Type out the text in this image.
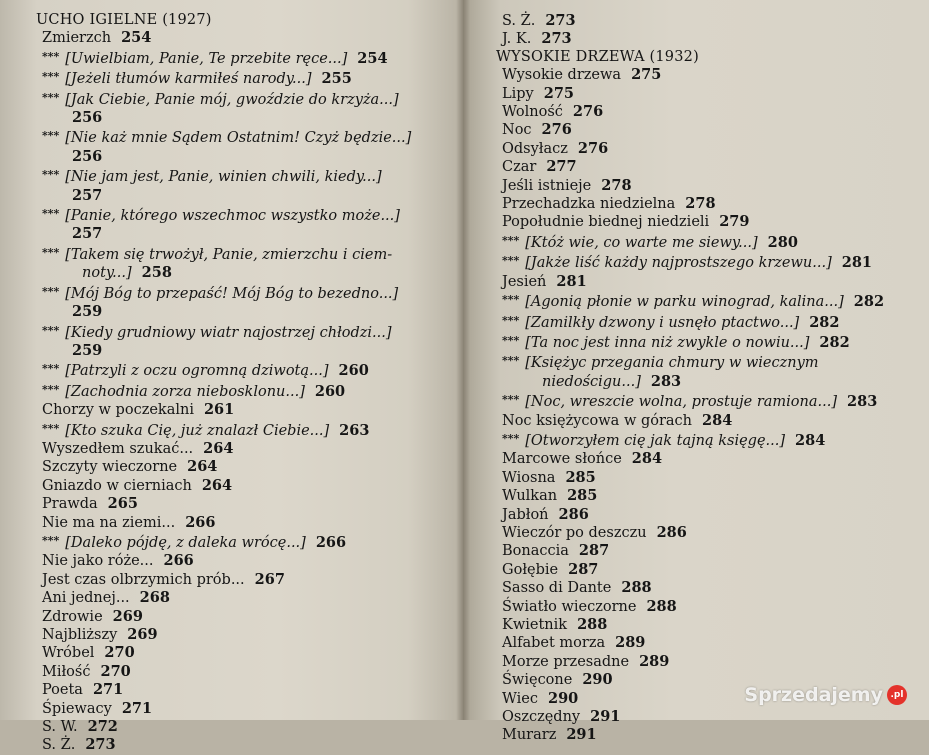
UCHO IGIELNE (1927)
Zmierzch 254
*** [Uwielbiam, Panie, Te przebite ręce...] 254
*** [Jeżeli tłumów karmiłeś narody...] 255
*** [Jak Ciebie, Panie mój, gwoździe do krzyża...]
256
*** [Nie każ mnie Sądem Ostatnim! Czyż będzie...]
256
*** [Nie jam jest, Panie, winien chwili, kiedy...]
257
*** [Panie, którego wszechmoc wszystko może...]
257
*** [Takem się trwożył, Panie, zmierzchu i ciem-
noty...] 258
*** [Mój Bóg to przepaść! Mój Bóg to bezedno...]
259
*** [Kiedy grudniowy wiatr najostrzej chłodzi...]
259
*** [Patrzyli z oczu ogromną dziwotą...] 260
*** [Zachodnia zorza niebosklonu...] 260
Chorzy w poczekalni 261
*** [Kto szuka Cię, już znalazł Ciebie...] 263
Wyszedłem szukać... 264
Szczyty wieczorne 264
Gniazdo w cierniach 264
Prawda 265
Nie ma na ziemi... 266
*** [Daleko pójdę, z daleka wrócę...] 266
Nie jako róże... 266
Jest czas olbrzymich prób... 267
Ani jednej... 268
Zdrowie 269
Najbliższy 269
Wróbel 270
Miłość 270
Poeta 271
Śpiewacy 271
S. W. 272
S. Ż. 273
S. Ż. 273
J. K. 273
WYSOKIE DRZEWA (1932)
Wysokie drzewa 275
Lipy 275
Wolność 276
Noc 276
Odsyłacz 276
Czar 277
Jeśli istnieje 278
Przechadzka niedzielna 278
Popołudnie biednej niedzieli 279
*** [Któż wie, co warte me siewy...] 280
*** [Jakże liść każdy najprostszego krzewu...] 281
Jesień 281
*** [Agonią płonie w parku winograd, kalina...] 282
*** [Zamilkły dzwony i usnęło ptactwo...] 282
*** [Ta noc jest inna niż zwykle o nowiu...] 282
*** [Księżyc przegania chmury w wiecznym
niedościgu...] 283
*** [Noc, wreszcie wolna, prostuje ramiona...] 283
Noc księżycowa w górach 284
*** [Otworzyłem cię jak tajną księgę...] 284
Marcowe słońce 284
Wiosna 285
Wulkan 285
Jabłoń 286
Wieczór po deszczu 286
Bonaccia 287
Gołębie 287
Sasso di Dante 288
Światło wieczorne 288
Kwietnik 288
Alfabet morza 289
Morze przesadne 289
Święcone 290
Wiec 290
Oszczędny 291
Murarz 291
Sprzedajemy .pl
